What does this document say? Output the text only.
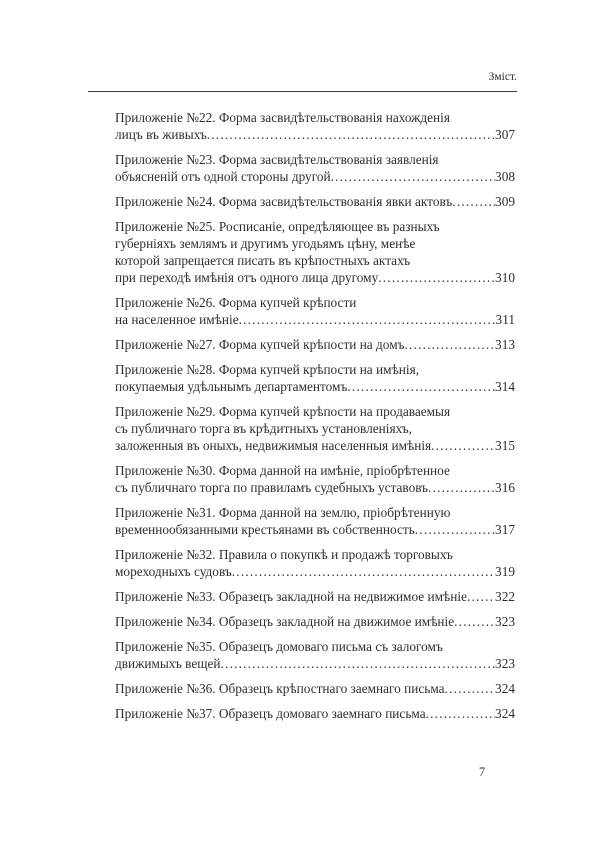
Зміст.
Приложеніе №22. Форма засвидѣтельствованія нахожденія
лицъ въ живыхъ .....	307
Приложеніе №23. Форма засвидѣтельствованія заявленія
объясненій отъ одной стороны другой .....	308
Приложеніе №24. Форма засвидѣтельствованія явки актовъ .....	309
Приложеніе №25. Росписаніе, опредѣляющее въ разныхъ
губерніяхъ землямъ и другимъ угодьямъ цѣну, менѣе
которой запрещается писать въ крѣпостныхъ актахъ
при переходѣ имѣнія отъ одного лица другому .....	310
Приложеніе №26. Форма купчей крѣпости
на населенное имѣніе .....	311
Приложеніе №27. Форма купчей крѣпости на домъ .....	313
Приложеніе №28. Форма купчей крѣпости на имѣнія,
покупаемыя удѣльнымъ департаментомъ .....	314
Приложеніе №29. Форма купчей крѣпости на продаваемыя
съ публичнаго торга въ крѣдитныхъ установленіяхъ,
заложенныя въ оныхъ, недвижимыя населенныя имѣнія .....	315
Приложеніе №30. Форма данной на имѣніе, пріобрѣтенное
съ публичнаго торга по правиламъ судебныхъ уставовъ .....	316
Приложеніе №31. Форма данной на землю, пріобрѣтенную
временнообязанными крестьянами въ собственность .....	317
Приложеніе №32. Правила о покупкѣ и продажѣ торговыхъ
мореходныхъ судовъ .....	319
Приложеніе №33. Образецъ закладной на недвижимое имѣніе ..... 322
Приложеніе №34. Образецъ закладной на движимое имѣніе .....	323
Приложеніе №35. Образецъ домоваго письма съ залогомъ
движимыхъ вещей .....	323
Приложеніе №36. Образецъ крѣпостнаго заемнаго письма .....	324
Приложеніе №37. Образецъ домоваго заемнаго письма .....	324
7
